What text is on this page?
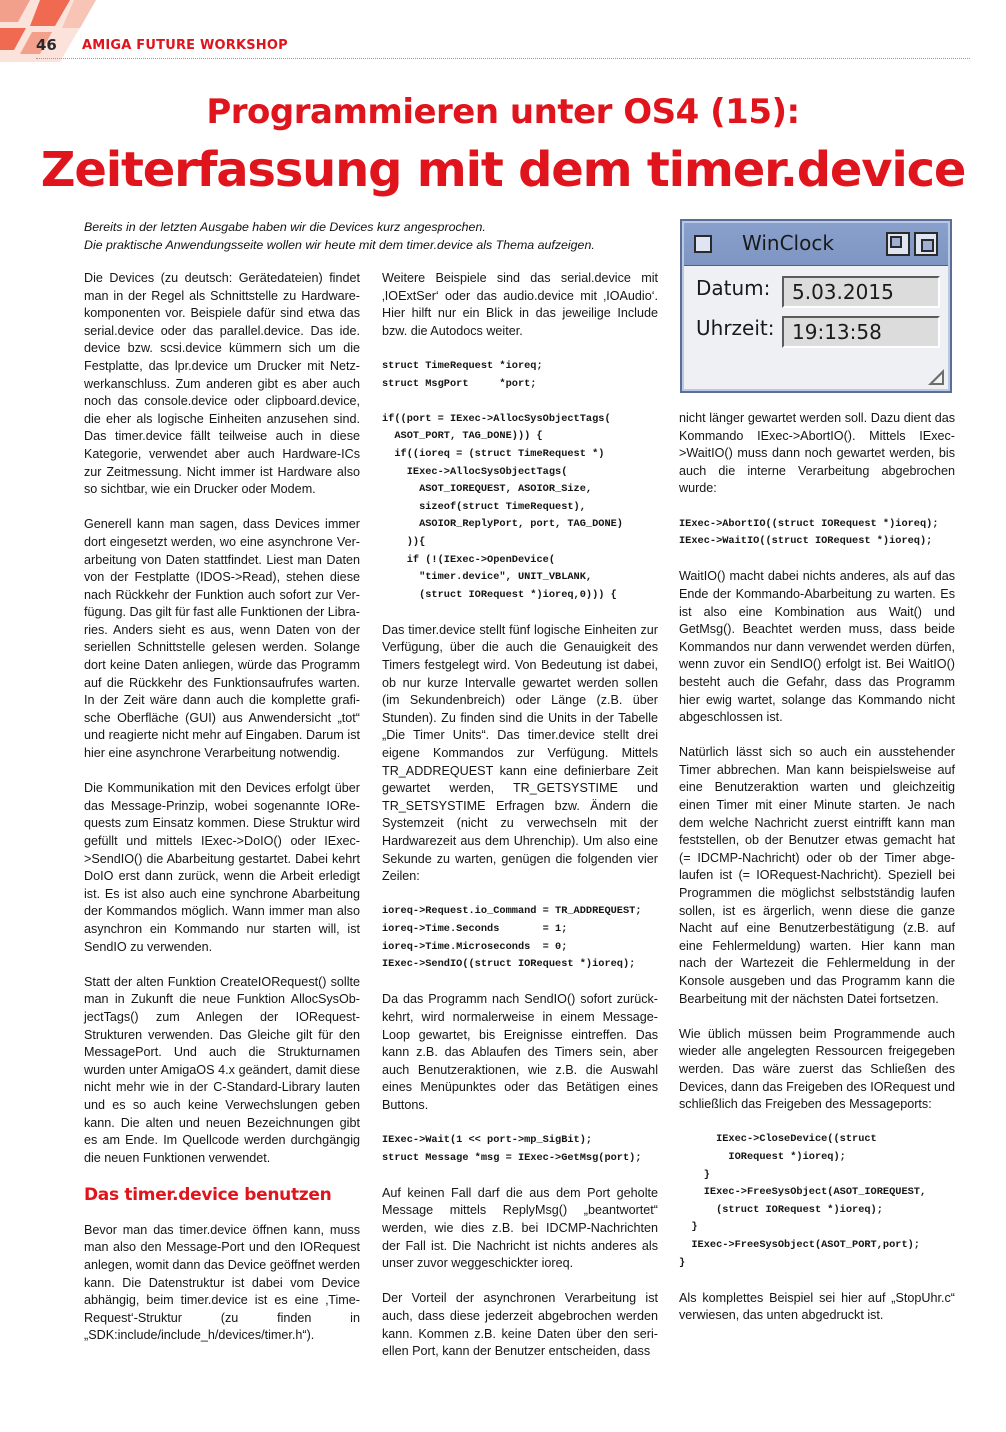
46 AMIGA FUTURE WORKSHOP
Programmieren unter OS4 (15):
Zeiterfassung mit dem timer.device
Bereits in der letzten Ausgabe haben wir die Devices kurz angesprochen.
Die praktische Anwendungsseite wollen wir heute mit dem timer.device als Thema aufzeigen.	WinClock
Datum:	5.03.2015
Uhrzeit: 19:13:58

Die Devices (zu deutsch: Gerätedateien) findet man in der Regel als Schnittstelle zu Hardwarekomponenten vor. Beispiele dafür sind etwa das serial.device oder das parallel.device. Das ide. device bzw. scsi.device kümmern sich um die Festplatte, das lpr.device um Drucker mit Netzwerkanschluss. Zum anderen gibt es aber auch noch das console.device oder clipboard.device, die eher als logische Einheiten anzusehen sind. Das timer.device fällt teilweise auch in diese Kategorie, verwendet aber auch Hardware-ICs zur Zeitmessung. Nicht immer ist Hardware also so sichtbar, wie ein Drucker oder Modem.

Generell kann man sagen, dass Devices immer dort eingesetzt werden, wo eine asynchrone Verarbeitung von Daten stattfindet. Liest man Daten von der Festplatte (IDOS->Read), stehen diese nach Rückkehr der Funktion auch sofort zur Verfügung. Das gilt für fast alle Funktionen der Libraries. Anders sieht es aus, wenn Daten von der seriellen Schnittstelle gelesen werden. Solange dort keine Daten anliegen, würde das Programm auf die Rückkehr des Funktionsaufrufes warten. In der Zeit wäre dann auch die komplette grafische Oberfläche (GUI) aus Anwendersicht „tot“ und reagierte nicht mehr auf Eingaben. Darum ist hier eine asynchrone Verarbeitung notwendig.

Die Kommunikation mit den Devices erfolgt über das Message-Prinzip, wobei sogenannte IORequests zum Einsatz kommen. Diese Struktur wird gefüllt und mittels IExec->DoIO() oder IExec->SendIO() die Abarbeitung gestartet. Dabei kehrt DoIO erst dann zurück, wenn die Arbeit erledigt ist. Es ist also auch eine synchrone Abarbeitung der Kommandos möglich. Wann immer man also asynchron ein Kommando nur starten will, ist SendIO zu verwenden.

Statt der alten Funktion CreateIORequest() sollte man in Zukunft die neue Funktion AllocSysObjectTags() zum Anlegen der IORequest-Strukturen verwenden. Das Gleiche gilt für den MessagePort. Und auch die Strukturnamen wurden unter AmigaOS 4.x geändert, damit diese nicht mehr wie in der C-Standard-Library lauten und es so auch keine Verwechslungen geben kann. Die alten und neuen Bezeichnungen gibt es am Ende. Im Quellcode werden durchgängig die neuen Funktionen verwendet.

Das timer.device benutzen

Bevor man das timer.device öffnen kann, muss man also den Message-Port und den IORequest anlegen, womit dann das Device geöffnet werden kann. Die Datenstruktur ist dabei vom Device abhängig, beim timer.device ist es eine ‚TimeRequest‘-Struktur (zu finden in „SDK:include/include_h/devices/timer.h“).

Weitere Beispiele sind das serial.device mit ‚IOExtSer‘ oder das audio.device mit ‚IOAudio‘. Hier hilft nur ein Blick in das jeweilige Include bzw. die Autodocs weiter.

struct TimeRequest *ioreq;
struct MsgPort     *port;

if((port = IExec->AllocSysObjectTags(
ASOT_PORT, TAG_DONE))) {
if((ioreq = (struct TimeRequest *)
IExec->AllocSysObjectTags(
ASOT_IOREQUEST, ASOIOR_Size,
sizeof(struct TimeRequest),
ASOIOR_ReplyPort, port, TAG_DONE)
)){
if (!(IExec->OpenDevice(
"timer.device", UNIT_VBLANK,
(struct IORequest *)ioreq,0))) {

Das timer.device stellt fünf logische Einheiten zur Verfügung, über die auch die Genauigkeit des Timers festgelegt wird. Von Bedeutung ist dabei, ob nur kurze Intervalle gewartet werden sollen (im Sekundenbreich) oder Länge (z.B. über Stunden). Zu finden sind die Units in der Tabelle „Die Timer Units“. Das timer.device stellt drei eigene Kommandos zur Verfügung. Mittels TR_ADDREQUEST kann eine definierbare Zeit gewartet werden, TR_GETSYSTIME und TR_SETSYSTIME Erfragen bzw. Ändern die Systemzeit (nicht zu verwechseln mit der Hardwarezeit aus dem Uhrenchip). Um also eine Sekunde zu warten, genügen die folgenden vier Zeilen:

ioreq->Request.io_Command = TR_ADDREQUEST;
ioreq->Time.Seconds       = 1;
ioreq->Time.Microseconds  = 0;
IExec->SendIO((struct IORequest *)ioreq);

Da das Programm nach SendIO() sofort zurückkehrt, wird normalerweise in einem MessageLoop gewartet, bis Ereignisse eintreffen. Das kann z.B. das Ablaufen des Timers sein, aber auch Benutzeraktionen, wie z.B. die Auswahl eines Menüpunktes oder das Betätigen eines Buttons.

IExec->Wait(1 << port->mp_SigBit);
struct Message *msg = IExec->GetMsg(port);

Auf keinen Fall darf die aus dem Port geholte Message mittels ReplyMsg() „beantwortet“ werden, wie dies z.B. bei IDCMP-Nachrichten der Fall ist. Die Nachricht ist nichts anderes als unser zuvor weggeschickter ioreq.

Der Vorteil der asynchronen Verarbeitung ist auch, dass diese jederzeit abgebrochen werden kann. Kommen z.B. keine Daten über den seriellen Port, kann der Benutzer entscheiden, dass

nicht länger gewartet werden soll. Dazu dient das Kommando IExec->AbortIO(). Mittels IExec->WaitIO() muss dann noch gewartet werden, bis auch die interne Verarbeitung abgebrochen wurde:

IExec->AbortIO((struct IORequest *)ioreq);
IExec->WaitIO((struct IORequest *)ioreq);

WaitIO() macht dabei nichts anderes, als auf das Ende der Kommando-Abarbeitung zu warten. Es ist also eine Kombination aus Wait() und GetMsg(). Beachtet werden muss, dass beide Kommandos nur dann verwendet werden dürfen, wenn zuvor ein SendIO() erfolgt ist. Bei WaitIO() besteht auch die Gefahr, dass das Programm hier ewig wartet, solange das Kommando nicht abgeschlossen ist.

Natürlich lässt sich so auch ein ausstehender Timer abbrechen. Man kann beispielsweise auf eine Benutzeraktion warten und gleichzeitig einen Timer mit einer Minute starten. Je nach dem welche Nachricht zuerst eintrifft kann man feststellen, ob der Benutzer etwas gemacht hat (= IDCMP-Nachricht) oder ob der Timer abgelaufen ist (= IORequest-Nachricht). Speziell bei Programmen die möglichst selbstständig laufen sollen, ist es ärgerlich, wenn diese die ganze Nacht auf eine Benutzerbestätigung (z.B. auf eine Fehlermeldung) warten. Hier kann man nach der Wartezeit die Fehlermeldung in der Konsole ausgeben und das Programm kann die Bearbeitung mit der nächsten Datei fortsetzen.

Wie üblich müssen beim Programmende auch wieder alle angelegten Ressourcen freigegeben werden. Das wäre zuerst das Schließen des Devices, dann das Freigeben des IORequest und schließlich das Freigeben des Messageports:

IExec->CloseDevice((struct
IORequest *)ioreq);
}
IExec->FreeSysObject(ASOT_IOREQUEST,
(struct IORequest *)ioreq);
}
IExec->FreeSysObject(ASOT_PORT,port);
}

Als komplettes Beispiel sei hier auf „StopUhr.c“ verwiesen, das unten abgedruckt ist.
